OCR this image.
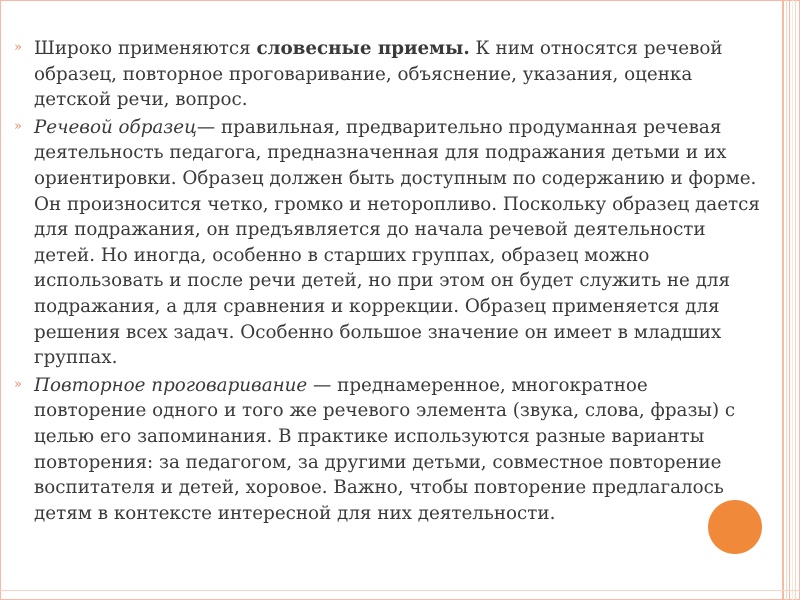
» Широко применяются словесные приемы. К ним относятся речевой образец, повторное проговаривание, объяснение, указания, оценка детской речи, вопрос.

» Речевой образец— правильная, предварительно продуманная речевая деятельность педагога, предназначенная для подражания детьми и их ориентировки. Образец должен быть доступным по содержанию и форме. Он произносится четко, громко и неторопливо. Поскольку образец дается для подражания, он предъявляется до начала речевой деятельности детей. Но иногда, особенно в старших группах, образец можно использовать и после речи детей, но при этом он будет служить не для подражания, а для сравнения и коррекции. Образец применяется для решения всех задач. Особенно большое значение он имеет в младших группах.

» Повторное проговаривание — преднамеренное, многократное повторение одного и того же речевого элемента (звука, слова, фразы) с целью его запоминания. В практике используются разные варианты повторения: за педагогом, за другими детьми, совместное повторение воспитателя и детей, хоровое. Важно, чтобы повторение предлагалось детям в контексте интересной для них деятельности.
